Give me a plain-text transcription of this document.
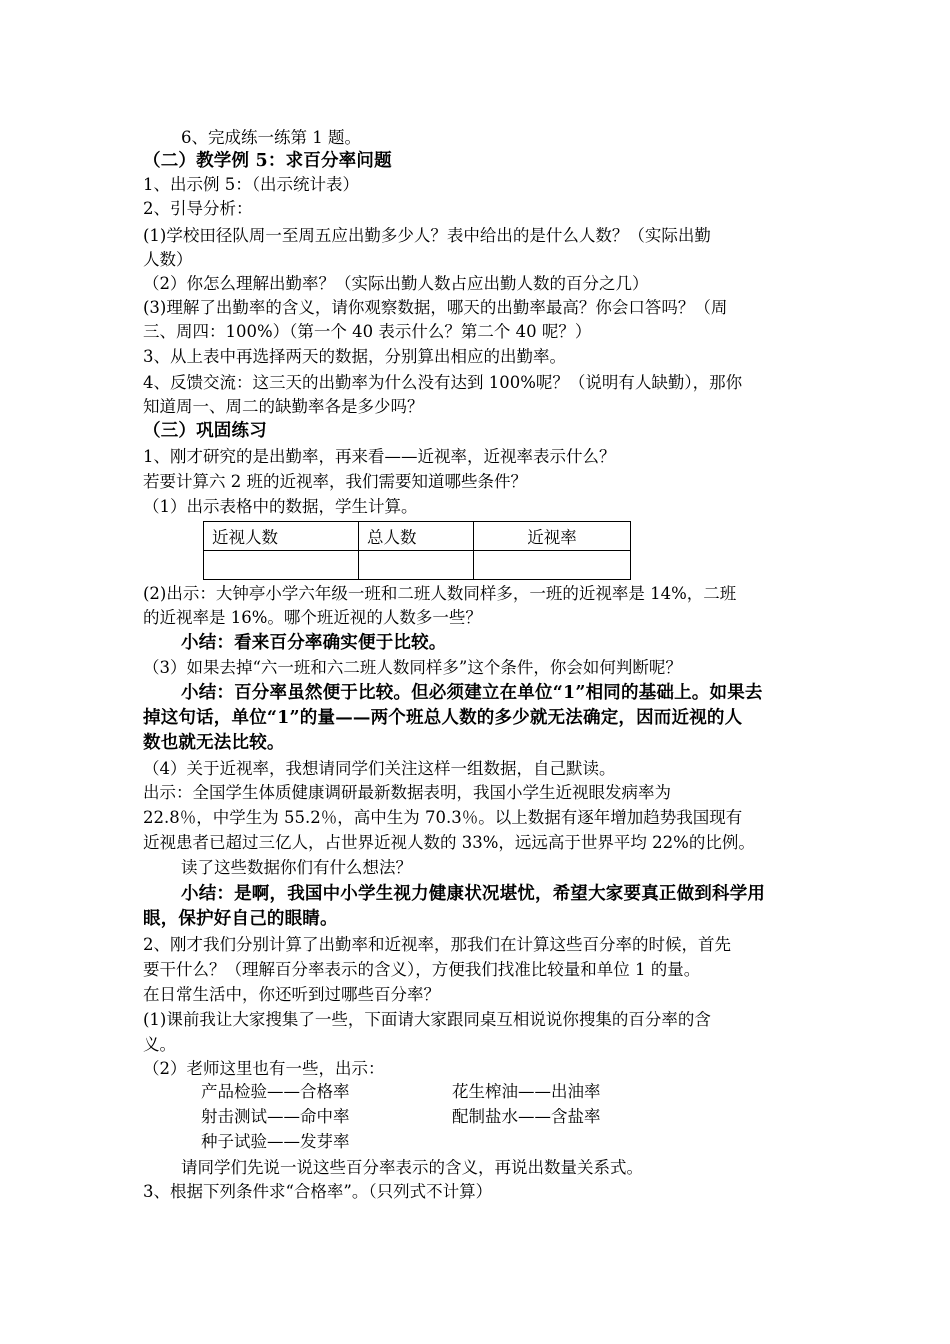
6、完成练一练第 1 题。
（二）教学例 5：求百分率问题
1、出示例 5：（出示统计表）
2、引导分析：
(1)学校田径队周一至周五应出勤多少人？表中给出的是什么人数？（实际出勤
人数）
（2）你怎么理解出勤率？（实际出勤人数占应出勤人数的百分之几）
(3)理解了出勤率的含义，请你观察数据，哪天的出勤率最高？你会口答吗？（周
三、周四：100%）（第一个 40 表示什么？第二个 40 呢？）
3、从上表中再选择两天的数据，分别算出相应的出勤率。
4、反馈交流：这三天的出勤率为什么没有达到 100%呢？（说明有人缺勤），那你
知道周一、周二的缺勤率各是多少吗？
（三）巩固练习
1、刚才研究的是出勤率，再来看——近视率，近视率表示什么？
若要计算六 2 班的近视率，我们需要知道哪些条件？
（1）出示表格中的数据，学生计算。
近视人数	总人数	近视率

(2)出示：大钟亭小学六年级一班和二班人数同样多，一班的近视率是 14%，二班
的近视率是 16%。哪个班近视的人数多一些？
小结：看来百分率确实便于比较。
（3）如果去掉“六一班和六二班人数同样多”这个条件，你会如何判断呢？
小结：百分率虽然便于比较。但必须建立在单位“1”相同的基础上。如果去
掉这句话，单位“1”的量——两个班总人数的多少就无法确定，因而近视的人
数也就无法比较。
（4）关于近视率，我想请同学们关注这样一组数据，自己默读。
出示：全国学生体质健康调研最新数据表明，我国小学生近视眼发病率为
22.8％，中学生为 55.2％，高中生为 70.3％。以上数据有逐年增加趋势我国现有
近视患者已超过三亿人，占世界近视人数的 33%，远远高于世界平均 22%的比例。
读了这些数据你们有什么想法？
小结：是啊，我国中小学生视力健康状况堪忧，希望大家要真正做到科学用
眼，保护好自己的眼睛。
2、刚才我们分别计算了出勤率和近视率，那我们在计算这些百分率的时候，首先
要干什么？（理解百分率表示的含义），方便我们找准比较量和单位 1 的量。
在日常生活中，你还听到过哪些百分率？
(1)课前我让大家搜集了一些，下面请大家跟同桌互相说说你搜集的百分率的含
义。
（2）老师这里也有一些，出示：
产品检验——合格率	花生榨油——出油率
射击测试——命中率	配制盐水——含盐率
种子试验——发芽率
请同学们先说一说这些百分率表示的含义，再说出数量关系式。
3、根据下列条件求“合格率”。（只列式不计算）
